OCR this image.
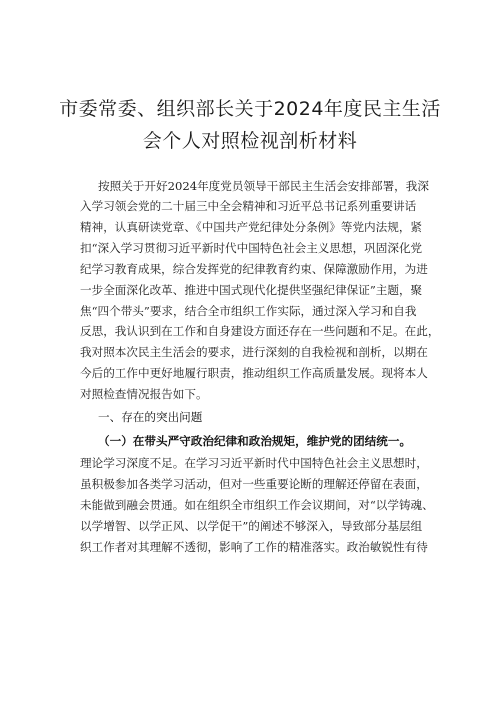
市委常委、组织部长关于2024年度民主生活
会个人对照检视剖析材料
按照关于开好2024年度党员领导干部民主生活会安排部署，我深
入学习领会党的二十届三中全会精神和习近平总书记系列重要讲话
精神，认真研读党章、《中国共产党纪律处分条例》等党内法规，紧
扣“深入学习贯彻习近平新时代中国特色社会主义思想，巩固深化党
纪学习教育成果，综合发挥党的纪律教育约束、保障激励作用，为进
一步全面深化改革、推进中国式现代化提供坚强纪律保证”主题，聚
焦“四个带头”要求，结合全市组织工作实际，通过深入学习和自我
反思，我认识到在工作和自身建设方面还存在一些问题和不足。在此，
我对照本次民主生活会的要求，进行深刻的自我检视和剖析，以期在
今后的工作中更好地履行职责，推动组织工作高质量发展。现将本人
对照检查情况报告如下。
一、存在的突出问题
（一）在带头严守政治纪律和政治规矩，维护党的团结统一。
理论学习深度不足。在学习习近平新时代中国特色社会主义思想时，
虽积极参加各类学习活动，但对一些重要论断的理解还停留在表面，
未能做到融会贯通。如在组织全市组织工作会议期间，对“以学铸魂、
以学增智、以学正风、以学促干”的阐述不够深入，导致部分基层组
织工作者对其理解不透彻，影响了工作的精准落实。政治敏锐性有待
